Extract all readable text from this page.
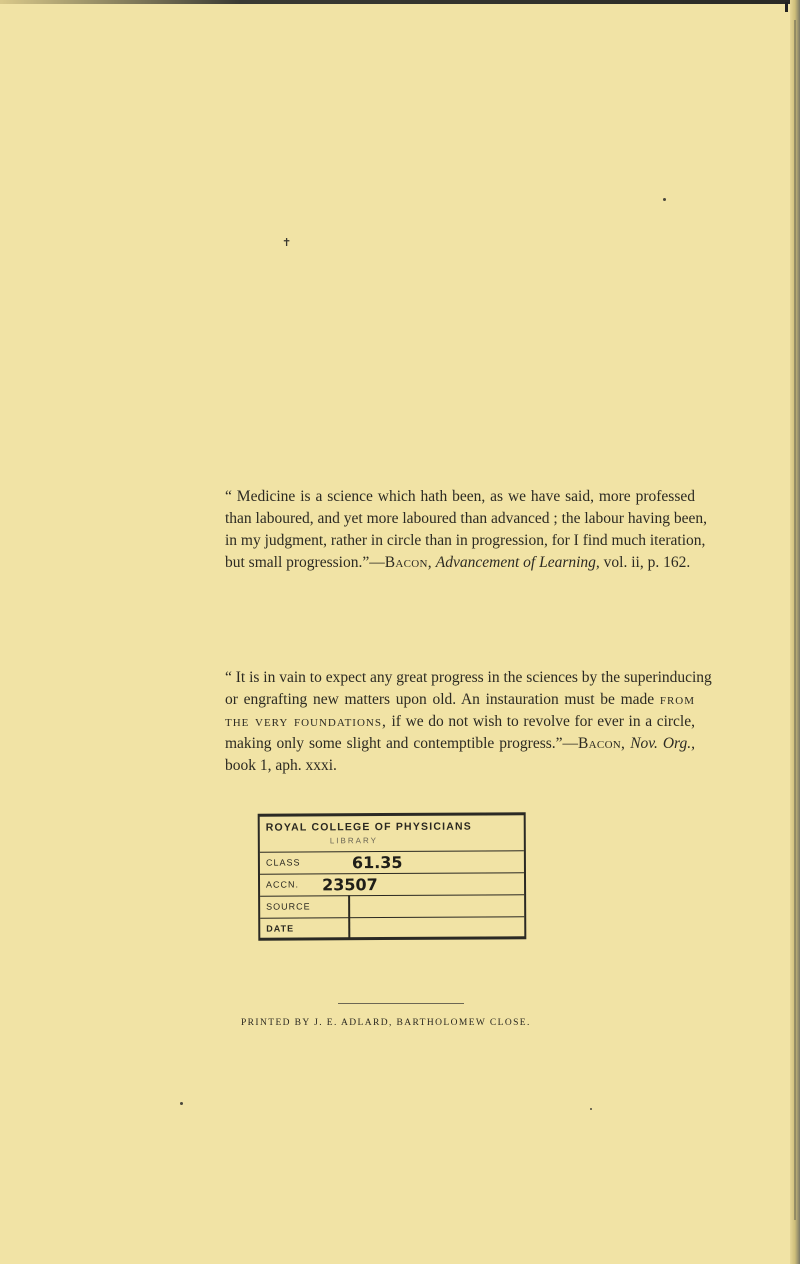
✝
“ Medicine is a science which hath been, as we have said, more professed
than laboured, and yet more laboured than advanced ; the labour having been,
in my judgment, rather in circle than in progression, for I find much iteration,
but small progression.”—Bacon, Advancement of Learning, vol. ii, p. 162.
“ It is in vain to expect any great progress in the sciences by the superinducing
or engrafting new matters upon old. An instauration must be made from
the very foundations, if we do not wish to revolve for ever in a circle,
making only some slight and contemptible progress.”—Bacon, Nov. Org.,
book 1, aph. xxxi.
ROYAL COLLEGE OF PHYSICIANS
LIBRARY
CLASS	61.35
ACCN. 23507
SOURCE
DATE
PRINTED BY J. E. ADLARD, BARTHOLOMEW CLOSE.
